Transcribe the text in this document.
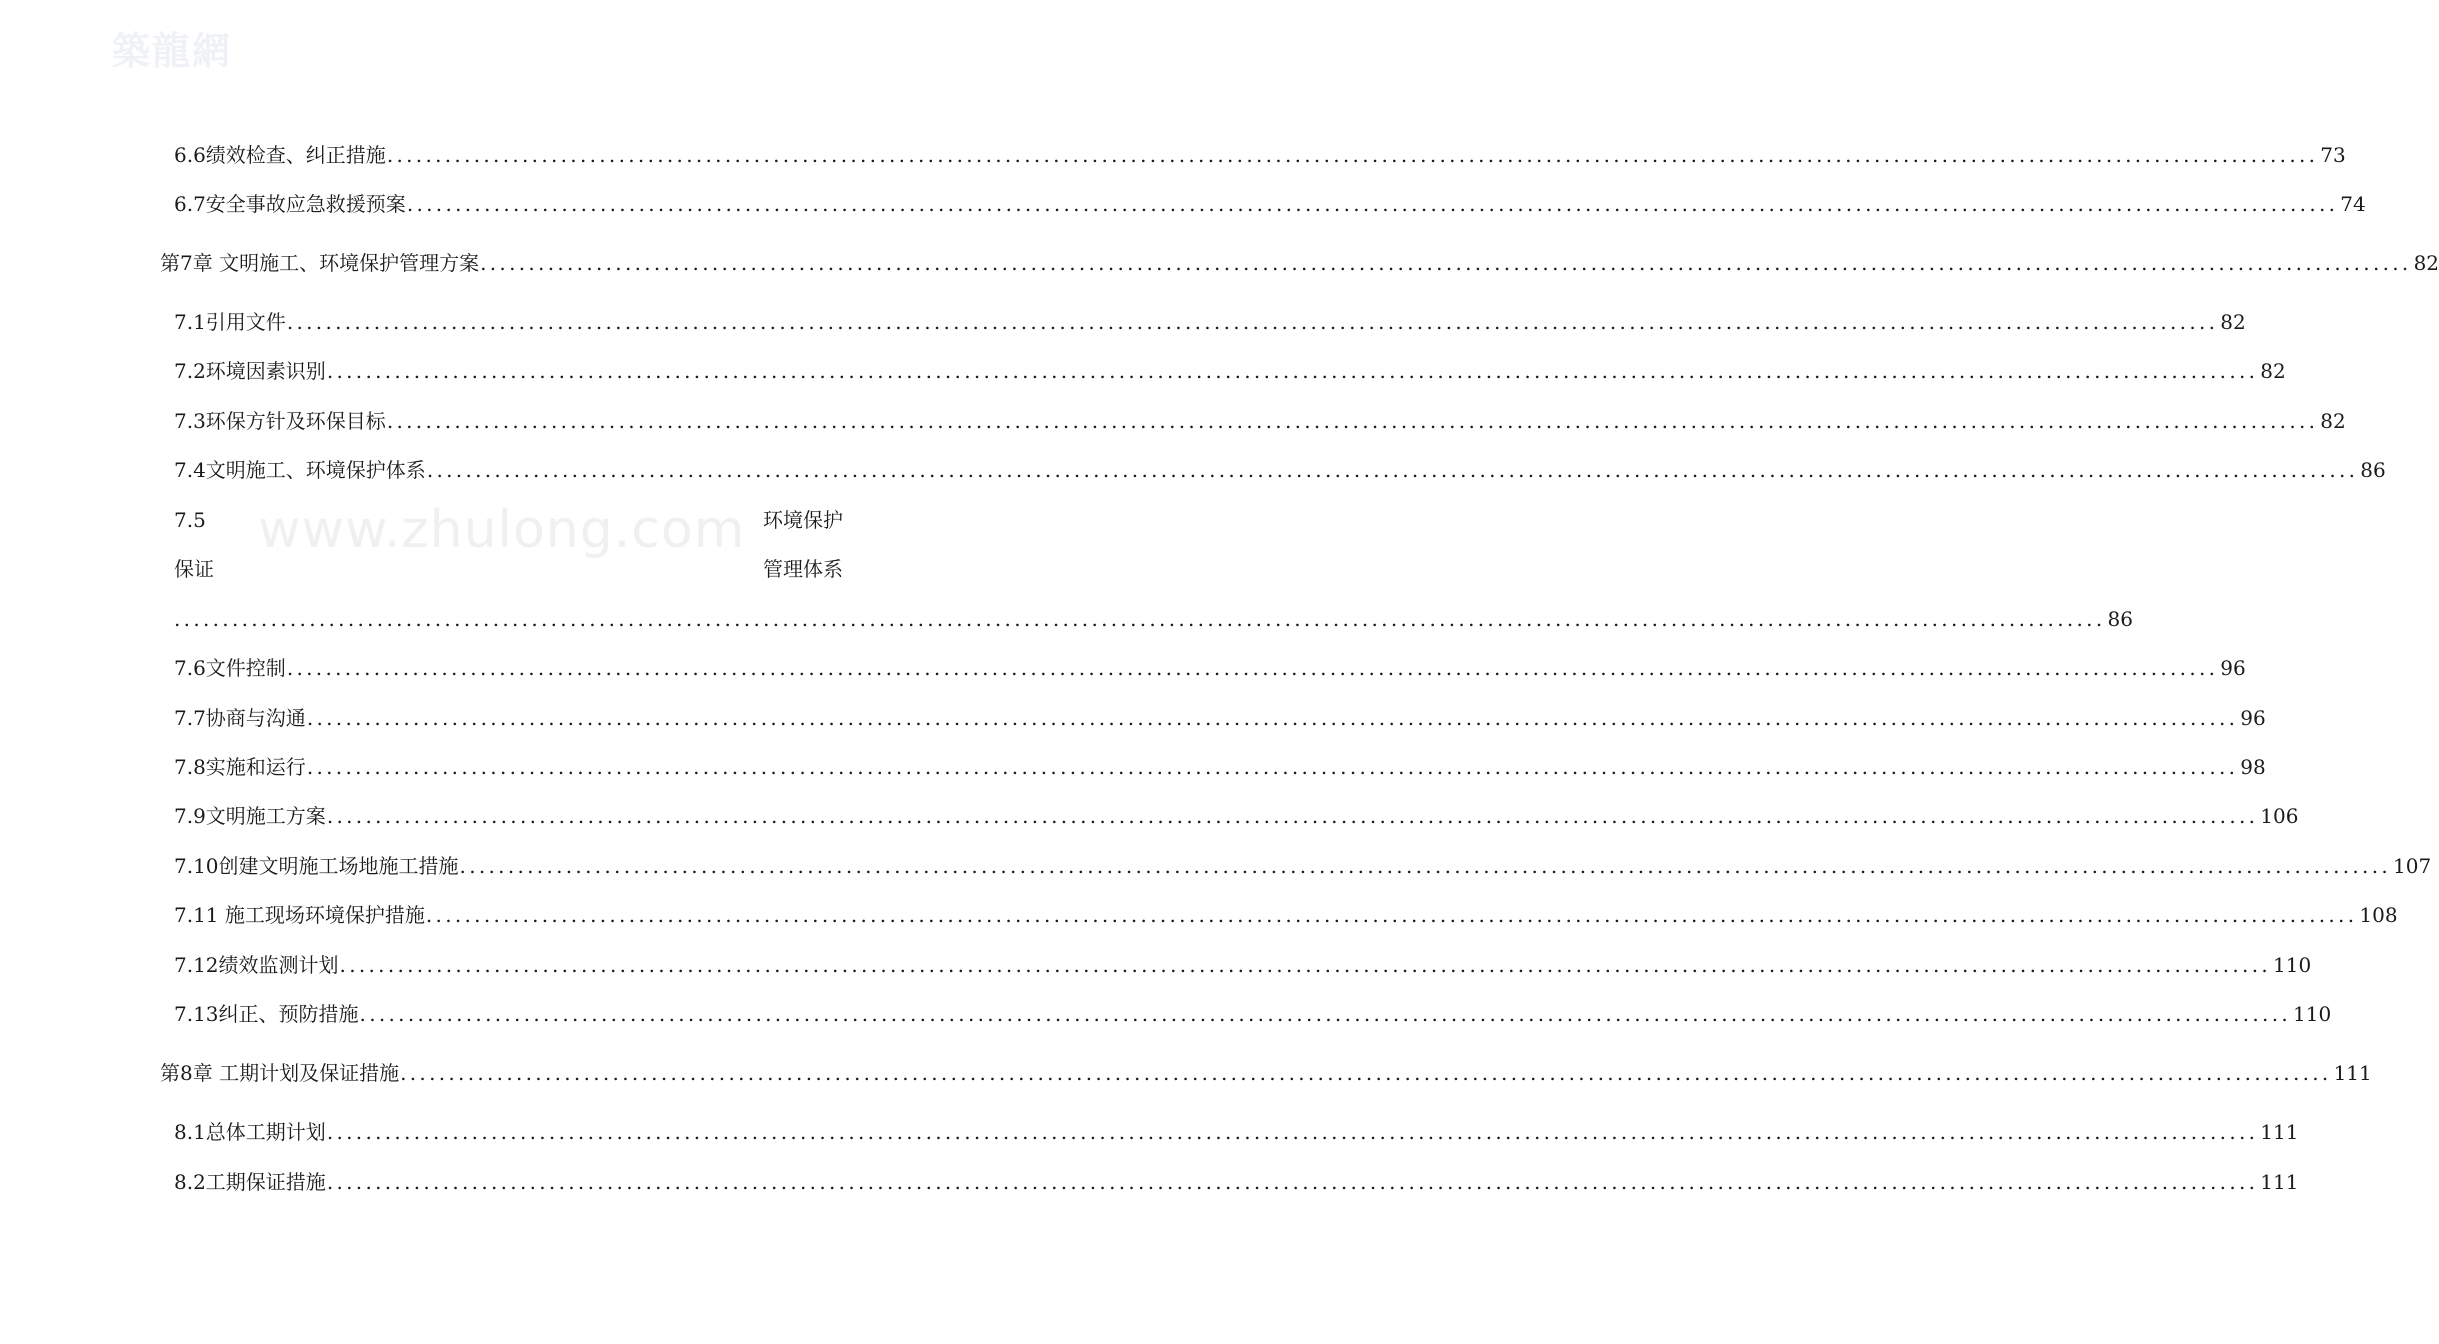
築龍網
www.zhulong.com
6.6绩效检查、纠正措施 ........................................................................................................................................................................................................ 73
6.7安全事故应急救援预案 ........................................................................................................................................................................................................ 74
第7章 文明施工、环境保护管理方案 ........................................................................................................................................................................................................ 82
7.1引用文件 ........................................................................................................................................................................................................ 82
7.2环境因素识别 ........................................................................................................................................................................................................ 82
7.3环保方针及环保目标 ........................................................................................................................................................................................................ 82
7.4文明施工、环境保护体系 ........................................................................................................................................................................................................ 86
7.5	环境保护
保证	管理体系
........................................................................................................................................................................................................ 86
7.6文件控制 ........................................................................................................................................................................................................ 96
7.7协商与沟通 ........................................................................................................................................................................................................ 96
7.8实施和运行 ........................................................................................................................................................................................................ 98
7.9文明施工方案 ........................................................................................................................................................................................................ 106
7.10创建文明施工场地施工措施 ........................................................................................................................................................................................................ 107
7.11 施工现场环境保护措施 ........................................................................................................................................................................................................ 108
7.12绩效监测计划 ........................................................................................................................................................................................................ 110
7.13纠正、预防措施 ........................................................................................................................................................................................................ 110
第8章 工期计划及保证措施 ........................................................................................................................................................................................................ 111
8.1总体工期计划 ........................................................................................................................................................................................................ 111
8.2工期保证措施 ........................................................................................................................................................................................................ 111
